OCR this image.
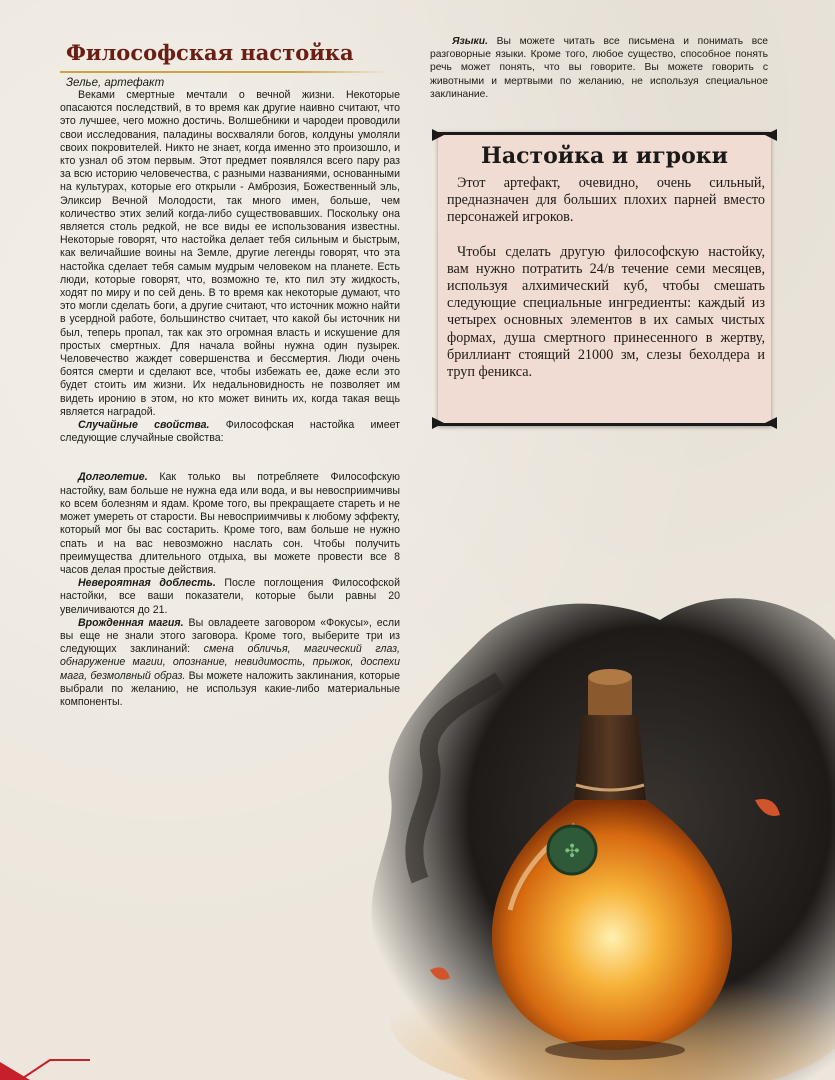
Философская настойка
Зелье, артефакт

Веками смертные мечтали о вечной жизни. Некоторые опасаются последствий, в то время как другие наивно считают, что это лучшее, чего можно достичь. Волшебники и чародеи проводили свои исследования, паладины восхваляли богов, колдуны умоляли своих покровителей. Никто не знает, когда именно это произошло, и кто узнал об этом первым. Этот предмет появлялся всего пару раз за всю историю человечества, с разными названиями, основанными на культурах, которые его открыли - Амброзия, Божественный эль, Эликсир Вечной Молодости, так много имен, больше, чем количество этих зелий когда-либо существовавших. Поскольку она является столь редкой, не все виды ее использования известны. Некоторые говорят, что настойка делает тебя сильным и быстрым, как величайшие воины на Земле, другие легенды говорят, что эта настойка сделает тебя самым мудрым человеком на планете. Есть люди, которые говорят, что, возможно те, кто пил эту жидкость, ходят по миру и по сей день. В то время как некоторые думают, что это могли сделать боги, а другие считают, что источник можно найти в усердной работе, большинство считает, что какой бы источник ни был, теперь пропал, так как это огромная власть и искушение для простых смертных. Для начала войны нужна один пузырек. Человечество жаждет совершенства и бессмертия. Люди очень боятся смерти и сделают все, чтобы избежать ее, даже если это будет стоить им жизни. Их недальновидность не позволяет им видеть иронию в этом, но кто может винить их, когда такая вещь является наградой.

Случайные свойства. Философская настойка имеет следующие случайные свойства:

Долголетие. Как только вы потребляете Философскую настойку, вам больше не нужна еда или вода, и вы невосприимчивы ко всем болезням и ядам. Кроме того, вы прекращаете стареть и не может умереть от старости. Вы невосприимчивы к любому эффекту, который мог бы вас состарить. Кроме того, вам больше не нужно спать и на вас невозможно наслать сон. Чтобы получить преимущества длительного отдыха, вы можете провести все 8 часов делая простые действия.

Невероятная доблесть. После поглощения Философской настойки, все ваши показатели, которые были равны 20 увеличиваются до 21.

Врожденная магия. Вы овладеете заговором «Фокусы», если вы еще не знали этого заговора. Кроме того, выберите три из следующих заклинаний: смена обличья, магический глаз, обнаружение магии, опознание, невидимость, прыжок, доспехи мага, безмолвный образ. Вы можете наложить заклинания, которые выбрали по желанию, не используя какие-либо материальные компоненты.

Языки. Вы можете читать все письмена и понимать все разговорные языки. Кроме того, любое существо, способное понять речь может понять, что вы говорите. Вы можете говорить с животными и мертвыми по желанию, не используя специальное заклинание.

Настойка и игроки

Этот артефакт, очевидно, очень сильный, предназначен для больших плохих парней вместо персонажей игроков.

Чтобы сделать другую философскую настойку, вам нужно потратить 24/в течение семи месяцев, используя алхимический куб, чтобы смешать следующие специальные ингредиенты: каждый из четырех основных элементов в их самых чистых формах, душа смертного принесенного в жертву, бриллиант стоящий 21000 зм, слезы бехолдера и труп феникса.

✣
